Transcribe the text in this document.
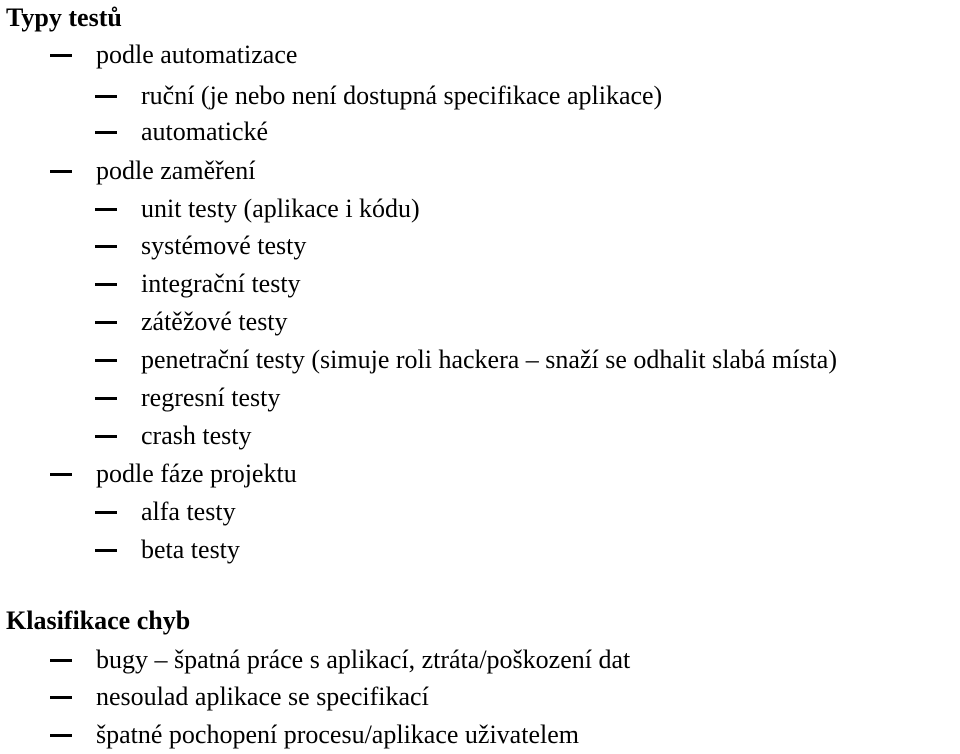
Typy testů
podle automatizace
ruční (je nebo není dostupná specifikace aplikace)
automatické
podle zaměření
unit testy (aplikace i kódu)
systémové testy
integrační testy
zátěžové testy
penetrační testy (simuje roli hackera – snaží se odhalit slabá místa)
regresní testy
crash testy
podle fáze projektu
alfa testy
beta testy
Klasifikace chyb
bugy – špatná práce s aplikací, ztráta/poškození dat
nesoulad aplikace se specifikací
špatné pochopení procesu/aplikace uživatelem
